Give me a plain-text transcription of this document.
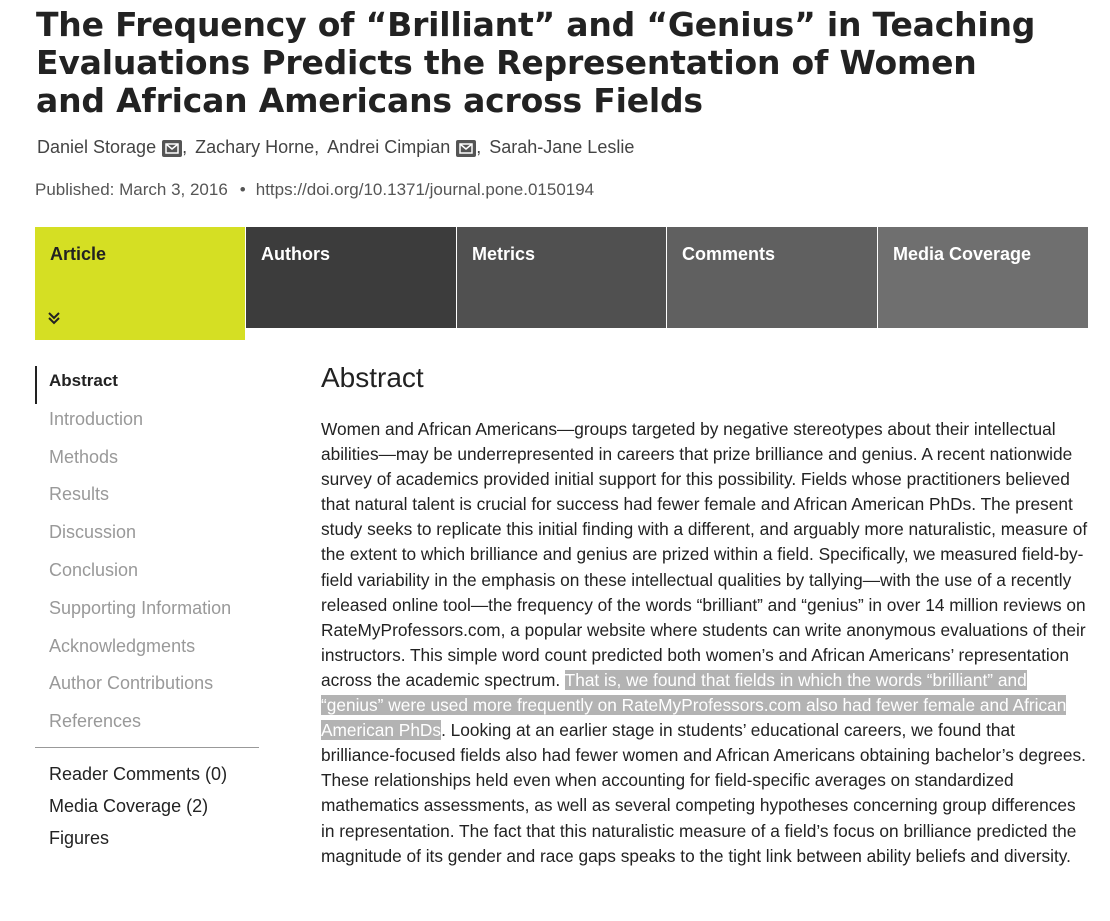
The Frequency of “Brilliant” and “Genius” in Teaching Evaluations Predicts the Representation of Women and African Americans across Fields
Daniel Storage , Zachary Horne , Andrei Cimpian , Sarah-Jane Leslie
Published: March 3, 2016 • https://doi.org/10.1371/journal.pone.0150194
Article	Authors	Metrics	Comments	Media Coverage
Abstract
Introduction
Methods
Results
Discussion
Conclusion
Supporting Information
Acknowledgments
Author Contributions
References
Reader Comments (0)
Media Coverage (2)
Figures
Abstract

Women and African Americans—groups targeted by negative stereotypes about their intellectual abilities—may be underrepresented in careers that prize brilliance and genius. A recent nationwide survey of academics provided initial support for this possibility. Fields whose practitioners believed that natural talent is crucial for success had fewer female and African American PhDs. The present study seeks to replicate this initial finding with a different, and arguably more naturalistic, measure of the extent to which brilliance and genius are prized within a field. Specifically, we measured field-by-field variability in the emphasis on these intellectual qualities by tallying—with the use of a recently released online tool—the frequency of the words “brilliant” and “genius” in over 14 million reviews on RateMyProfessors.com, a popular website where students can write anonymous evaluations of their instructors. This simple word count predicted both women’s and African Americans’ representation across the academic spectrum. That is, we found that fields in which the words “brilliant” and “genius” were used more frequently on RateMyProfessors.com also had fewer female and African American PhDs. Looking at an earlier stage in students’ educational careers, we found that brilliance-focused fields also had fewer women and African Americans obtaining bachelor’s degrees. These relationships held even when accounting for field-specific averages on standardized mathematics assessments, as well as several competing hypotheses concerning group differences in representation. The fact that this naturalistic measure of a field’s focus on brilliance predicted the magnitude of its gender and race gaps speaks to the tight link between ability beliefs and diversity.
